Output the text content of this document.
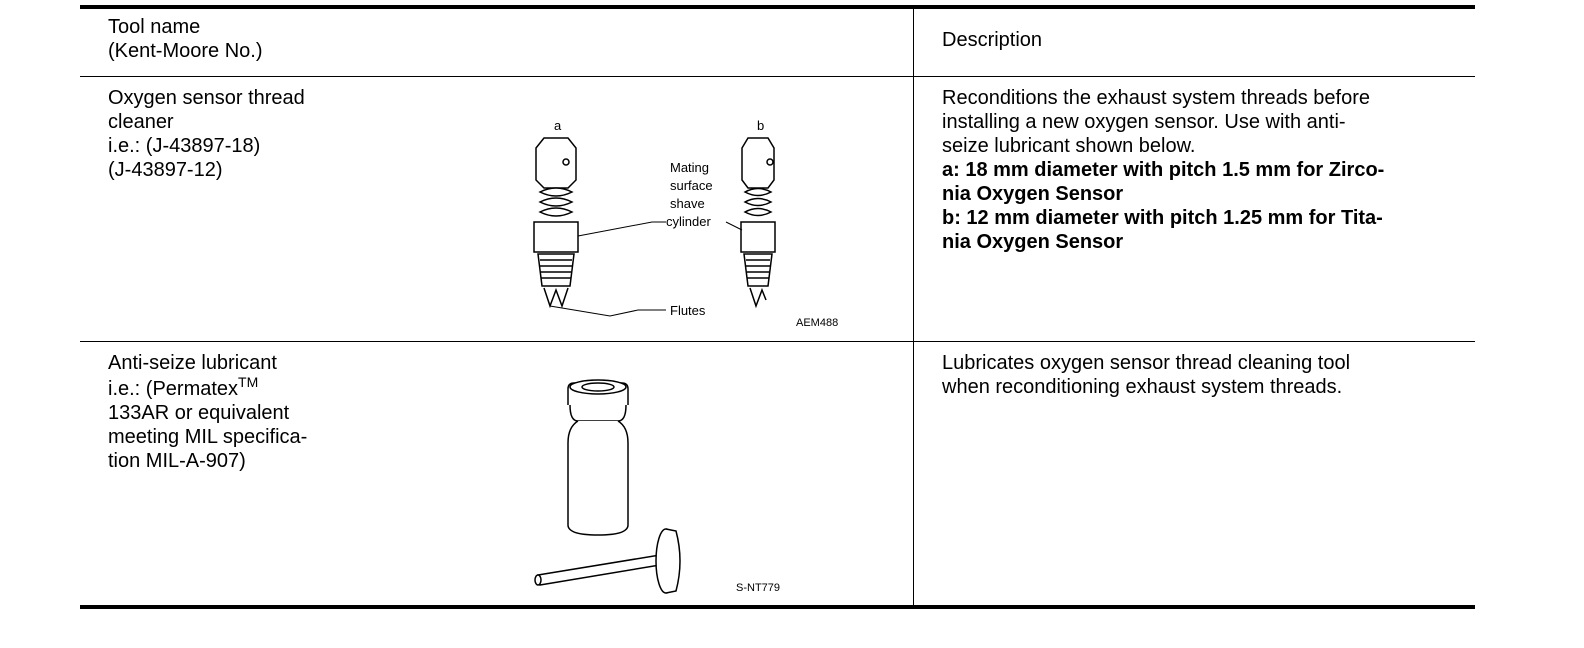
Tool name
(Kent-Moore No.)	Description
Oxygen sensor thread
cleaner
i.e.: (J-43897-18)
(J-43897-12)
a	b
Mating
surface
shave
cylinder
Flutes
AEM488
Reconditions the exhaust system threads before
installing a new oxygen sensor. Use with anti-
seize lubricant shown below.
a: 18 mm diameter with pitch 1.5 mm for Zirco-
nia Oxygen Sensor
b: 12 mm diameter with pitch 1.25 mm for Tita-
nia Oxygen Sensor
Anti-seize lubricant
i.e.: (Permatex™
133AR or equivalent
meeting MIL specifica-
tion MIL-A-907)
S-NT779
Lubricates oxygen sensor thread cleaning tool
when reconditioning exhaust system threads.
